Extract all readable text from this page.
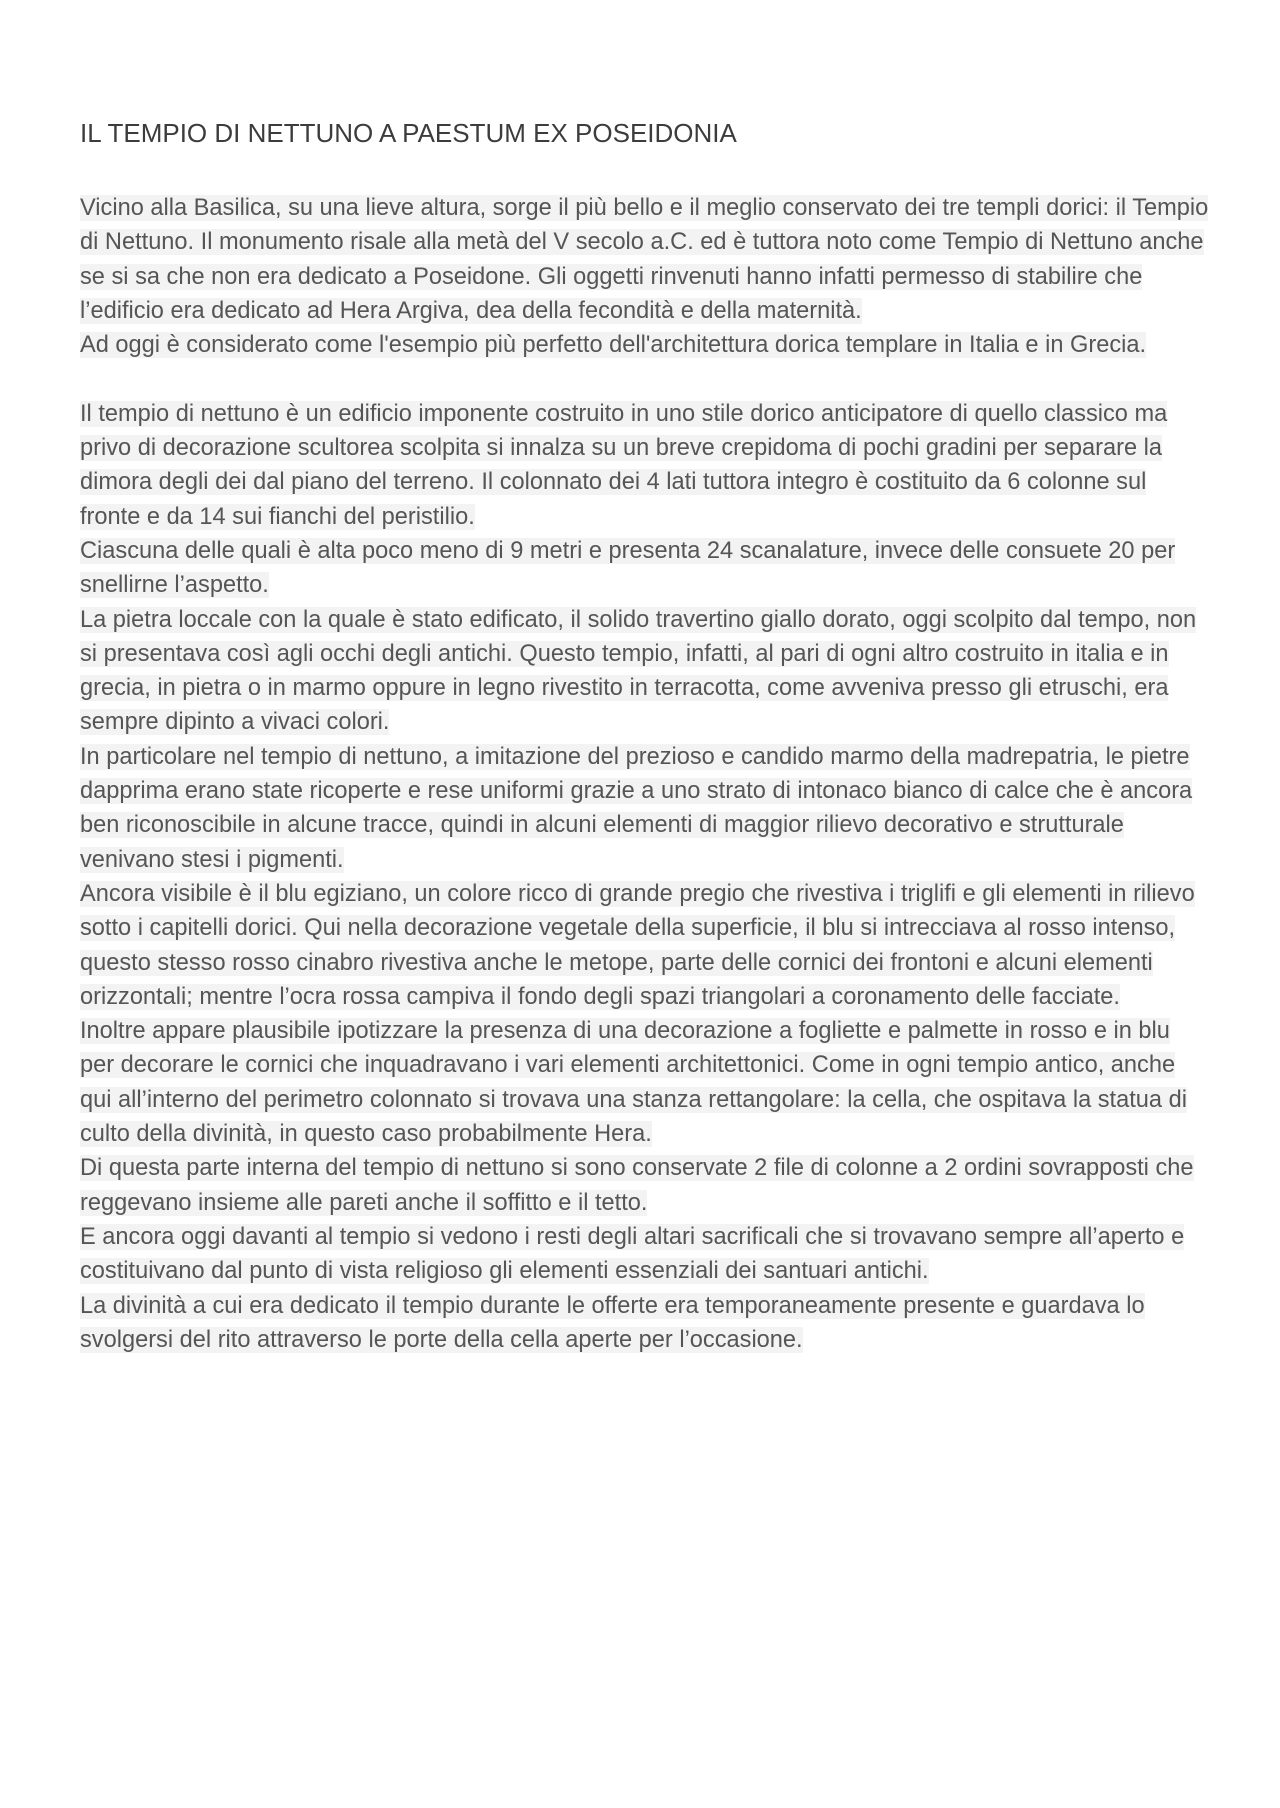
IL TEMPIO DI NETTUNO A PAESTUM EX POSEIDONIA

Vicino alla Basilica, su una lieve altura, sorge il più bello e il meglio conservato dei tre templi dorici: il Tempio di Nettuno. Il monumento risale alla metà del V secolo a.C. ed è tuttora noto come Tempio di Nettuno anche se si sa che non era dedicato a Poseidone. Gli oggetti rinvenuti hanno infatti permesso di stabilire che l’edificio era dedicato ad Hera Argiva, dea della fecondità e della maternità.

Ad oggi è considerato come l'esempio più perfetto dell'architettura dorica templare in Italia e in Grecia.

Il tempio di nettuno è un edificio imponente costruito in uno stile dorico anticipatore di quello classico ma privo di decorazione scultorea scolpita si innalza su un breve crepidoma di pochi gradini per separare la dimora degli dei dal piano del terreno. Il colonnato dei 4 lati tuttora integro è costituito da 6 colonne sul fronte e da 14 sui fianchi del peristilio.

Ciascuna delle quali è alta poco meno di 9 metri e presenta 24 scanalature, invece delle consuete 20 per snellirne l’aspetto.

La pietra loccale con la quale è stato edificato, il solido travertino giallo dorato, oggi scolpito dal tempo, non si presentava così agli occhi degli antichi. Questo tempio, infatti, al pari di ogni altro costruito in italia e in grecia, in pietra o in marmo oppure in legno rivestito in terracotta, come avveniva presso gli etruschi, era sempre dipinto a vivaci colori.

In particolare nel tempio di nettuno, a imitazione del prezioso e candido marmo della madrepatria, le pietre dapprima erano state ricoperte e rese uniformi grazie a uno strato di intonaco bianco di calce che è ancora ben riconoscibile in alcune tracce, quindi in alcuni elementi di maggior rilievo decorativo e strutturale venivano stesi i pigmenti.

Ancora visibile è il blu egiziano, un colore ricco di grande pregio che rivestiva i triglifi e gli elementi in rilievo sotto i capitelli dorici. Qui nella decorazione vegetale della superficie, il blu si intrecciava al rosso intenso, questo stesso rosso cinabro rivestiva anche le metope, parte delle cornici dei frontoni e alcuni elementi orizzontali; mentre l’ocra rossa campiva il fondo degli spazi triangolari a coronamento delle facciate.

Inoltre appare plausibile ipotizzare la presenza di una decorazione a fogliette e palmette in rosso e in blu per decorare le cornici che inquadravano i vari elementi architettonici. Come in ogni tempio antico, anche qui all’interno del perimetro colonnato si trovava una stanza rettangolare: la cella, che ospitava la statua di culto della divinità, in questo caso probabilmente Hera.

Di questa parte interna del tempio di nettuno si sono conservate 2 file di colonne a 2 ordini sovrapposti che reggevano insieme alle pareti anche il soffitto e il tetto.

E ancora oggi davanti al tempio si vedono i resti degli altari sacrificali che si trovavano sempre all’aperto e costituivano dal punto di vista religioso gli elementi essenziali dei santuari antichi.

La divinità a cui era dedicato il tempio durante le offerte era temporaneamente presente e guardava lo svolgersi del rito attraverso le porte della cella aperte per l’occasione.
